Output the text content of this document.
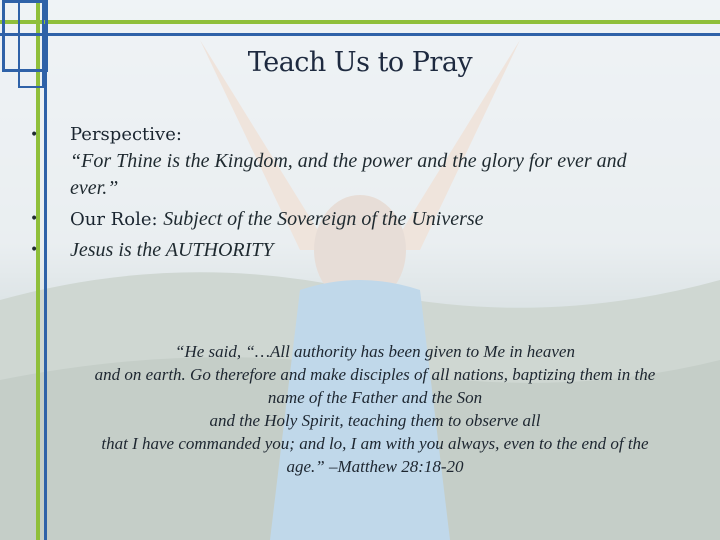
Teach Us to Pray
• Perspective:
“For Thine is the Kingdom, and the power and the glory for ever and
ever.”
• Our Role: Subject of the Sovereign of the Universe
• Jesus is the AUTHORITY
“He said, “…All authority has been given to Me in heaven
and on earth. Go therefore and make disciples of all nations, baptizing them in the
name of the Father and the Son
and the Holy Spirit, teaching them to observe all
that I have commanded you; and lo, I am with you always, even to the end of the
age.” –Matthew 28:18-20
